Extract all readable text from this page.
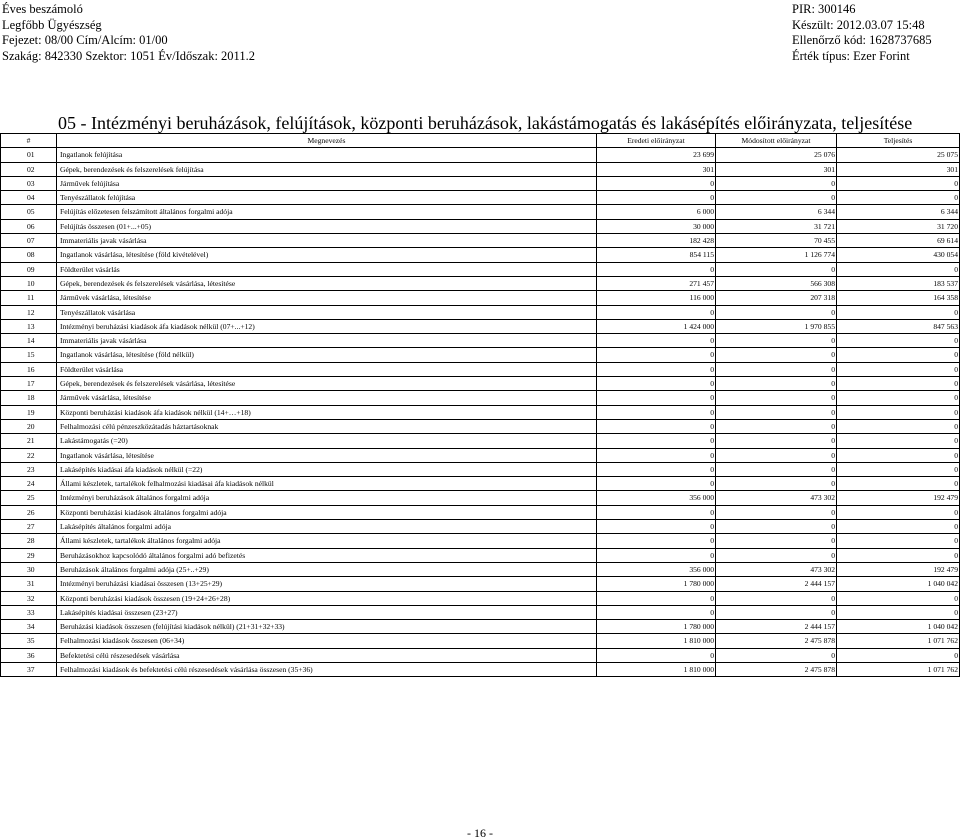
Éves beszámoló
Legfőbb Ügyészség
Fejezet: 08/00 Cím/Alcím: 01/00
Szakág: 842330 Szektor: 1051 Év/Időszak: 2011.2
PIR: 300146
Készült: 2012.03.07 15:48
Ellenőrző kód: 1628737685
Érték típus: Ezer Forint
05 - Intézményi beruházások, felújítások, központi beruházások, lakástámogatás és lakásépítés előirányzata, teljesítése
#	Megnevezés	Eredeti előirányzat	Módosított előirányzat	Teljesítés
01	Ingatlanok felújítása	23 699	25 076	25 075
02	Gépek, berendezések és felszerelések felújítása	301	301	301
03	Járművek felújítása	0	0	0
04	Tenyészállatok felújítása	0	0	0
05	Felújítás előzetesen felszámított általános forgalmi adója	6 000	6 344	6 344
06	Felújítás összesen (01+...+05)	30 000	31 721	31 720
07	Immateriális javak vásárlása	182 428	70 455	69 614
08	Ingatlanok vásárlása, létesítése (föld kivételével)	854 115	1 126 774	430 054
09	Földterület vásárlás	0	0	0
10	Gépek, berendezések és felszerelések vásárlása, létesítése	271 457	566 308	183 537
11	Járművek vásárlása, létesítése	116 000	207 318	164 358
12	Tenyészállatok vásárlása	0	0	0
13	Intézményi beruházási kiadások áfa kiadások nélkül (07+...+12)	1 424 000	1 970 855	847 563
14	Immateriális javak vásárlása	0	0	0
15	Ingatlanok vásárlása, létesítése (föld nélkül)	0	0	0
16	Földterület vásárlása	0	0	0
17	Gépek, berendezések és felszerelések vásárlása, létesítése	0	0	0
18	Járművek vásárlása, létesítése	0	0	0
19	Központi beruházási kiadások áfa kiadások nélkül (14+…+18)	0	0	0
20	Felhalmozási célú pénzeszközátadás háztartásoknak	0	0	0
21	Lakástámogatás (=20)	0	0	0
22	Ingatlanok vásárlása, létesítése	0	0	0
23	Lakásépítés kiadásai áfa kiadások nélkül (=22)	0	0	0
24	Állami készletek, tartalékok felhalmozási kiadásai áfa kiadások nélkül	0	0	0
25	Intézményi beruházások általános forgalmi adója	356 000	473 302	192 479
26	Központi beruházási kiadások általános forgalmi adója	0	0	0
27	Lakásépítés általános forgalmi adója	0	0	0
28	Állami készletek, tartalékok általános forgalmi adója	0	0	0
29	Beruházásokhoz kapcsolódó általános forgalmi adó befizetés	0	0	0
30	Beruházások általános forgalmi adója (25+..+29)	356 000	473 302	192 479
31	Intézményi beruházási kiadásai összesen (13+25+29)	1 780 000	2 444 157	1 040 042
32	Központi beruházási kiadások összesen (19+24+26+28)	0	0	0
33	Lakásépítés kiadásai összesen (23+27)	0	0	0
34	Beruházási kiadások összesen (felújítási kiadások nélkül) (21+31+32+33)	1 780 000	2 444 157	1 040 042
35	Felhalmozási kiadások összesen (06+34)	1 810 000	2 475 878	1 071 762
36	Befektetési célú részesedések vásárlása	0	0	0
37	Felhalmozási kiadások és befektetési célú részesedések vásárlása összesen (35+36)	1 810 000	2 475 878	1 071 762
- 16 -
